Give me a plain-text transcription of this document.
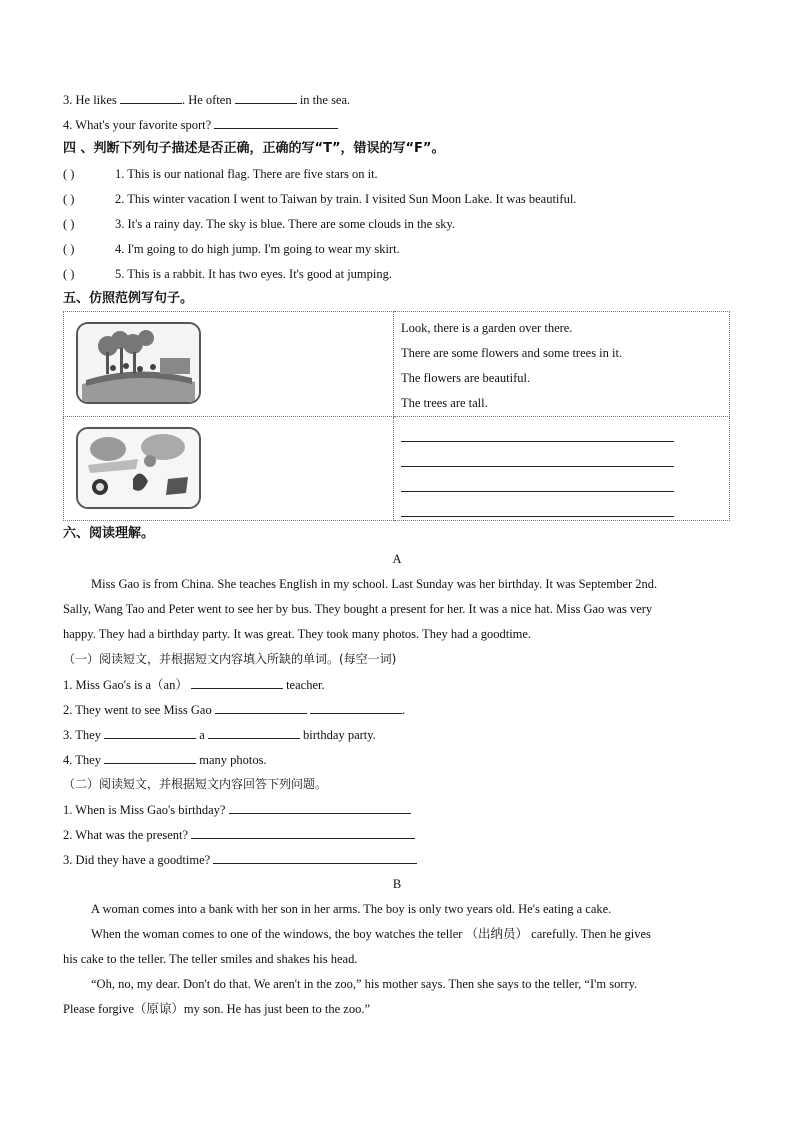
3. He likes	. He often	in the sea.
4. What's your favorite sport?
四 、判断下列句子描述是否正确，正确的写“T”，错误的写“F”。
( )	1. This is our national flag. There are five stars on it.
( )	2. This winter vacation I went to Taiwan by train. I visited Sun Moon Lake. It was beautiful.
( )	3. It's a rainy day. The sky is blue. There are some clouds in the sky.
( )	4. I'm going to do high jump. I'm going to wear my skirt.
( )	5. This is a rabbit. It has two eyes. It's good at jumping.
五、仿照范例写句子。

Look, there is a garden over there.
There are some flowers and some trees in it.
The flowers are beautiful.
The trees are tall.

六、阅读理解。
A
Miss Gao is from China. She teaches English in my school. Last Sunday was her birthday. It was September 2nd.
Sally, Wang Tao and Peter went to see her by bus. They bought a present for her. It was a nice hat. Miss Gao was very
happy. They had a birthday party. It was great. They took many photos. They had a goodtime.
（一）阅读短文，并根据短文内容填入所缺的单词。(每空一词)
1. Miss Gao's is a（an）	teacher.
2. They went to see Miss Gao	.
3. They	a	birthday party.
4. They	many photos.
（二）阅读短文，并根据短文内容回答下列问题。
1. When is Miss Gao's birthday?
2. What was the present?
3. Did they have a goodtime?
B
A woman comes into a bank with her son in her arms. The boy is only two years old. He's eating a cake.
When the woman comes to one of the windows, the boy watches the teller （出纳员） carefully. Then he gives
his cake to the teller. The teller smiles and shakes his head.
“Oh, no, my dear. Don't do that. We aren't in the zoo,” his mother says. Then she says to the teller, “I'm sorry.
Please forgive（原谅）my son. He has just been to the zoo.”
